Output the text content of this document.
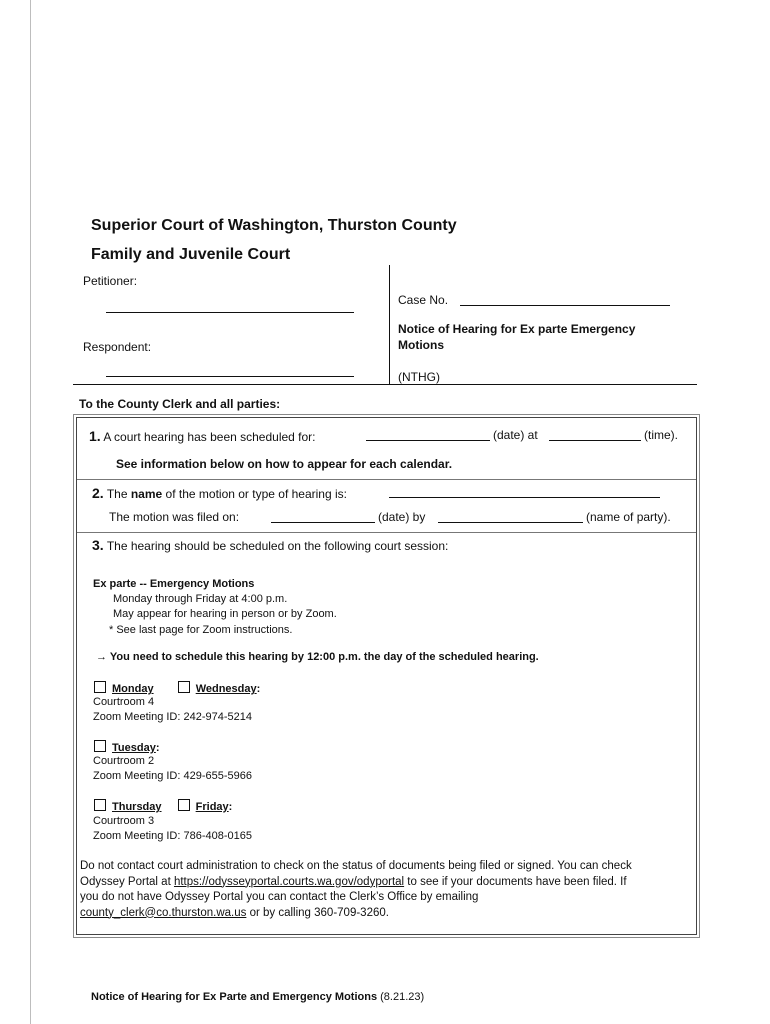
Superior Court of Washington, Thurston County
Family and Juvenile Court
Petitioner:
Respondent:
Case No.
Notice of Hearing for Ex parte Emergency
Motions
(NTHG)
To the County Clerk and all parties:
1. A court hearing has been scheduled for:	(date) at	(time).
See information below on how to appear for each calendar.
2. The name of the motion or type of hearing is:
The motion was filed on:	(date) by	(name of party).
3. The hearing should be scheduled on the following court session:
Ex parte -- Emergency Motions
Monday through Friday at 4:00 p.m.
May appear for hearing in person or by Zoom.
* See last page for Zoom instructions.
→ You need to schedule this hearing by 12:00 p.m. the day of the scheduled hearing.
Monday	Wednesday:
Courtroom 4
Zoom Meeting ID: 242-974-5214
Tuesday:
Courtroom 2
Zoom Meeting ID: 429-655-5966
Thursday	Friday:
Courtroom 3
Zoom Meeting ID: 786-408-0165
Do not contact court administration to check on the status of documents being filed or signed. You can check
Odyssey Portal at https://odysseyportal.courts.wa.gov/odyportal to see if your documents have been filed. If
you do not have Odyssey Portal you can contact the Clerk’s Office by emailing
county_clerk@co.thurston.wa.us or by calling 360-709-3260.
Notice of Hearing for Ex Parte and Emergency Motions (8.21.23)
